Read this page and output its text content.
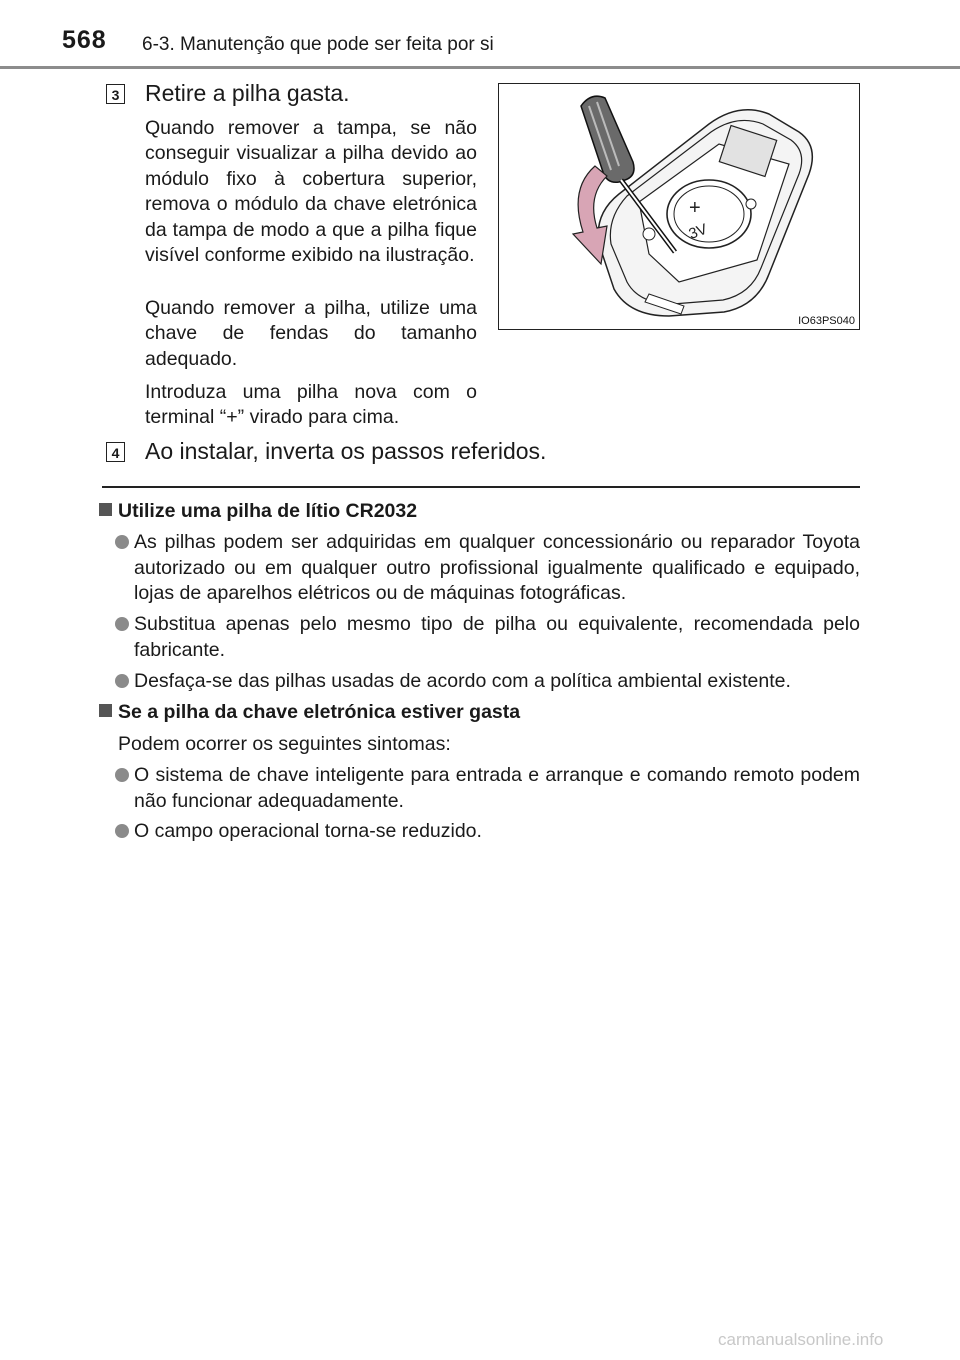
568 6-3. Manutenção que pode ser feita por si
3 Retire a pilha gasta.
Quando remover a tampa, se não conseguir visualizar a pilha devido ao módulo fixo à cobertura superior, remova o módulo da chave eletrónica da tampa de modo a que a pilha fique visível conforme exibido na ilustração.
Quando remover a pilha, utilize uma chave de fendas do tamanho adequado.
Introduza uma pilha nova com o terminal “+” virado para cima.
+
3V
IO63PS040
4 Ao instalar, inverta os passos referidos.
Utilize uma pilha de lítio CR2032
As pilhas podem ser adquiridas em qualquer concessionário ou reparador Toyota autorizado ou em qualquer outro profissional igualmente qualificado e equipado, lojas de aparelhos elétricos ou de máquinas fotográficas.
Substitua apenas pelo mesmo tipo de pilha ou equivalente, recomendada pelo fabricante.
Desfaça-se das pilhas usadas de acordo com a política ambiental existente.
Se a pilha da chave eletrónica estiver gasta
Podem ocorrer os seguintes sintomas:
O sistema de chave inteligente para entrada e arranque e comando remoto podem não funcionar adequadamente.
O campo operacional torna-se reduzido.
carmanualsonline.info
